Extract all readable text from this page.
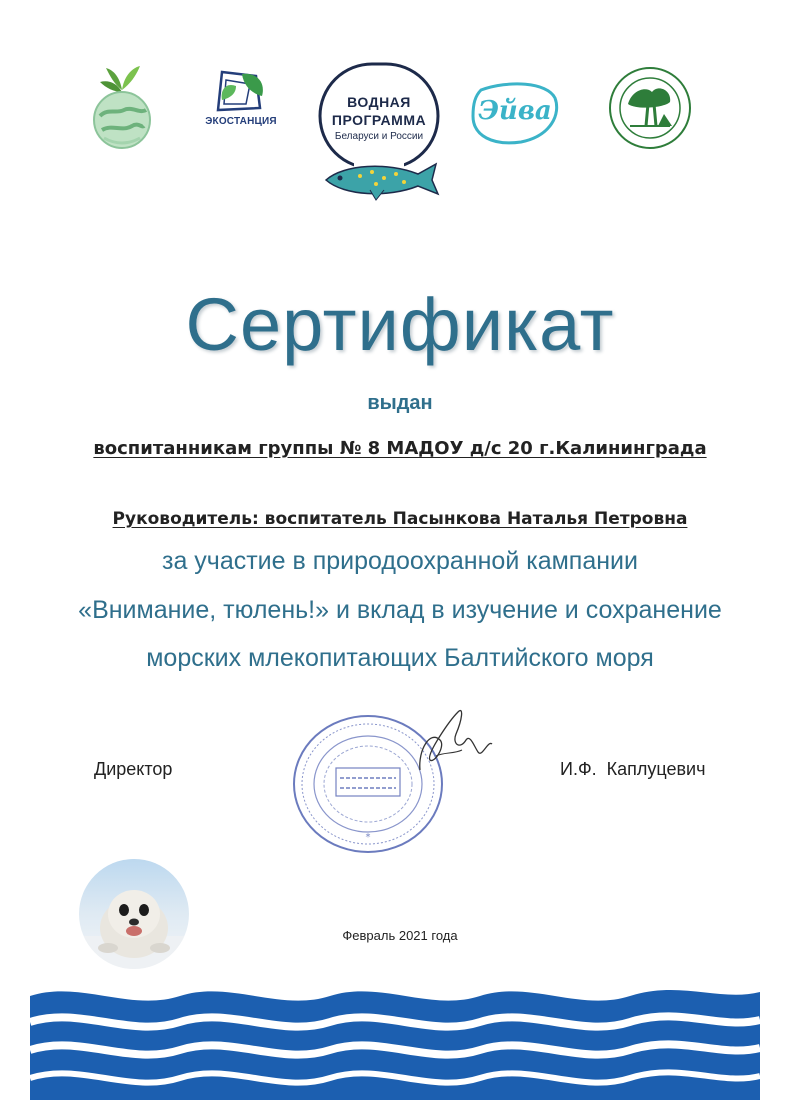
ЭКОСТАНЦИЯ
ВОДНАЯ
ПРОГРАММА
Беларуси и России
Эйва
Сертификат
выдан
воспитанникам группы № 8 МАДОУ д/с 20 г.Калининграда
Руководитель: воспитатель Пасынкова Наталья Петровна
за участие в природоохранной кампании
«Внимание, тюлень!» и вклад в изучение и сохранение
морских млекопитающих Балтийского моря
*
Директор	И.Ф.  Каплуцевич
Февраль 2021 года
